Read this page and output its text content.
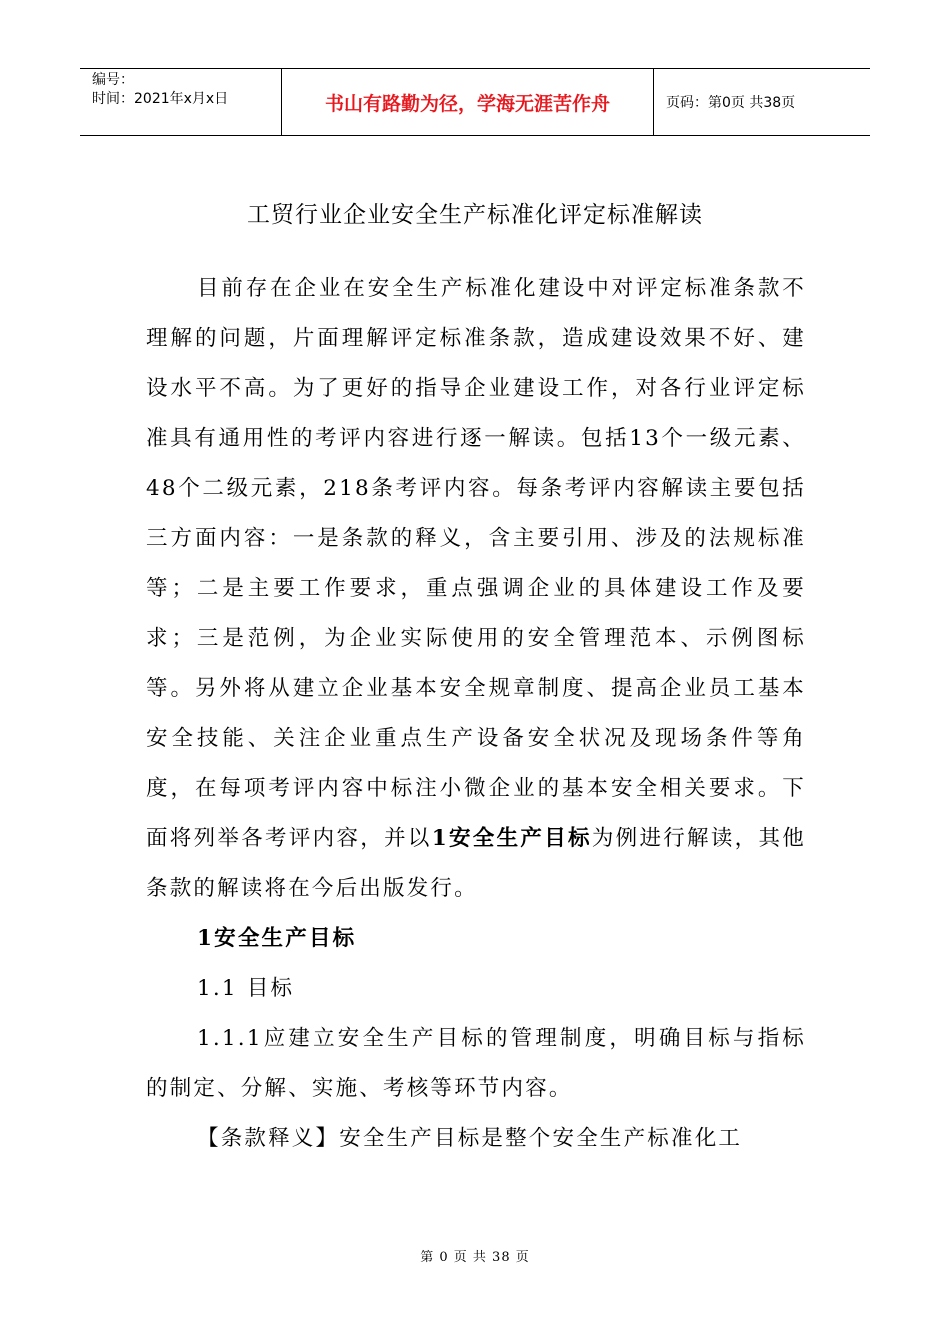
编号：
时间：2021年x月x日	书山有路勤为径，学海无涯苦作舟	页码：第0页 共38页
工贸行业企业安全生产标准化评定标准解读

目前存在企业在安全生产标准化建设中对评定标准条款不理解的问题，片面理解评定标准条款，造成建设效果不好、建设水平不高。为了更好的指导企业建设工作，对各行业评定标准具有通用性的考评内容进行逐一解读。包括13个一级元素、48个二级元素，218条考评内容。每条考评内容解读主要包括三方面内容：一是条款的释义，含主要引用、涉及的法规标准等；二是主要工作要求，重点强调企业的具体建设工作及要求；三是范例，为企业实际使用的安全管理范本、示例图标等。另外将从建立企业基本安全规章制度、提高企业员工基本安全技能、关注企业重点生产设备安全状况及现场条件等角度，在每项考评内容中标注小微企业的基本安全相关要求。下面将列举各考评内容，并以1安全生产目标为例进行解读，其他条款的解读将在今后出版发行。

1安全生产目标

1.1 目标

1.1.1应建立安全生产目标的管理制度，明确目标与指标的制定、分解、实施、考核等环节内容。

【条款释义】安全生产目标是整个安全生产标准化工

第 0 页 共 38 页
